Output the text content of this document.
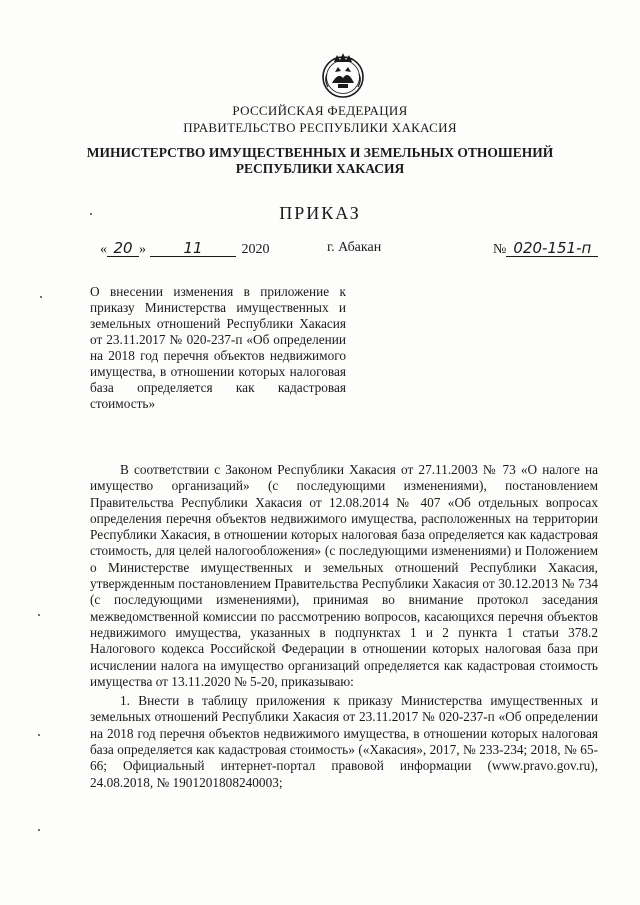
РОССИЙСКАЯ ФЕДЕРАЦИЯ
ПРАВИТЕЛЬСТВО РЕСПУБЛИКИ ХАКАСИЯ
МИНИСТЕРСТВО ИМУЩЕСТВЕННЫХ И ЗЕМЕЛЬНЫХ ОТНОШЕНИЙ
РЕСПУБЛИКИ ХАКАСИЯ
ПРИКАЗ
« 20 » 11	2020	г. Абакан	№ 020-151-п
О внесении изменения в приложение к приказу Министерства имущественных и земельных отношений Республики Хакасия от 23.11.2017 № 020-237-п «Об определении на 2018 год перечня объектов недвижимого имущества, в отношении которых налоговая база определяется как кадастровая стоимость»

В соответствии с Законом Республики Хакасия от 27.11.2003 № 73 «О налоге на имущество организаций» (с последующими изменениями), постановлением Правительства Республики Хакасия от 12.08.2014 № 407 «Об отдельных вопросах определения перечня объектов недвижимого имущества, расположенных на территории Республики Хакасия, в отношении которых налоговая база определяется как кадастровая стоимость, для целей налогообложения» (с последующими изменениями) и Положением о Министерстве имущественных и земельных отношений Республики Хакасия, утвержденным постановлением Правительства Республики Хакасия от 30.12.2013 № 734 (с последующими изменениями), принимая во внимание протокол заседания межведомственной комиссии по рассмотрению вопросов, касающихся перечня объектов недвижимого имущества, указанных в подпунктах 1 и 2 пункта 1 статьи 378.2 Налогового кодекса Российской Федерации в отношении которых налоговая база при исчислении налога на имущество организаций определяется как кадастровая стоимость имущества от 13.11.2020 № 5-20, приказываю:

1. Внести в таблицу приложения к приказу Министерства имущественных и земельных отношений Республики Хакасия от 23.11.2017 № 020-237-п «Об определении на 2018 год перечня объектов недвижимого имущества, в отношении которых налоговая база определяется как кадастровая стоимость» («Хакасия», 2017, № 233-234; 2018, № 65-66; Официальный интернет-портал правовой информации (www.pravo.gov.ru), 24.08.2018, № 1901201808240003;
